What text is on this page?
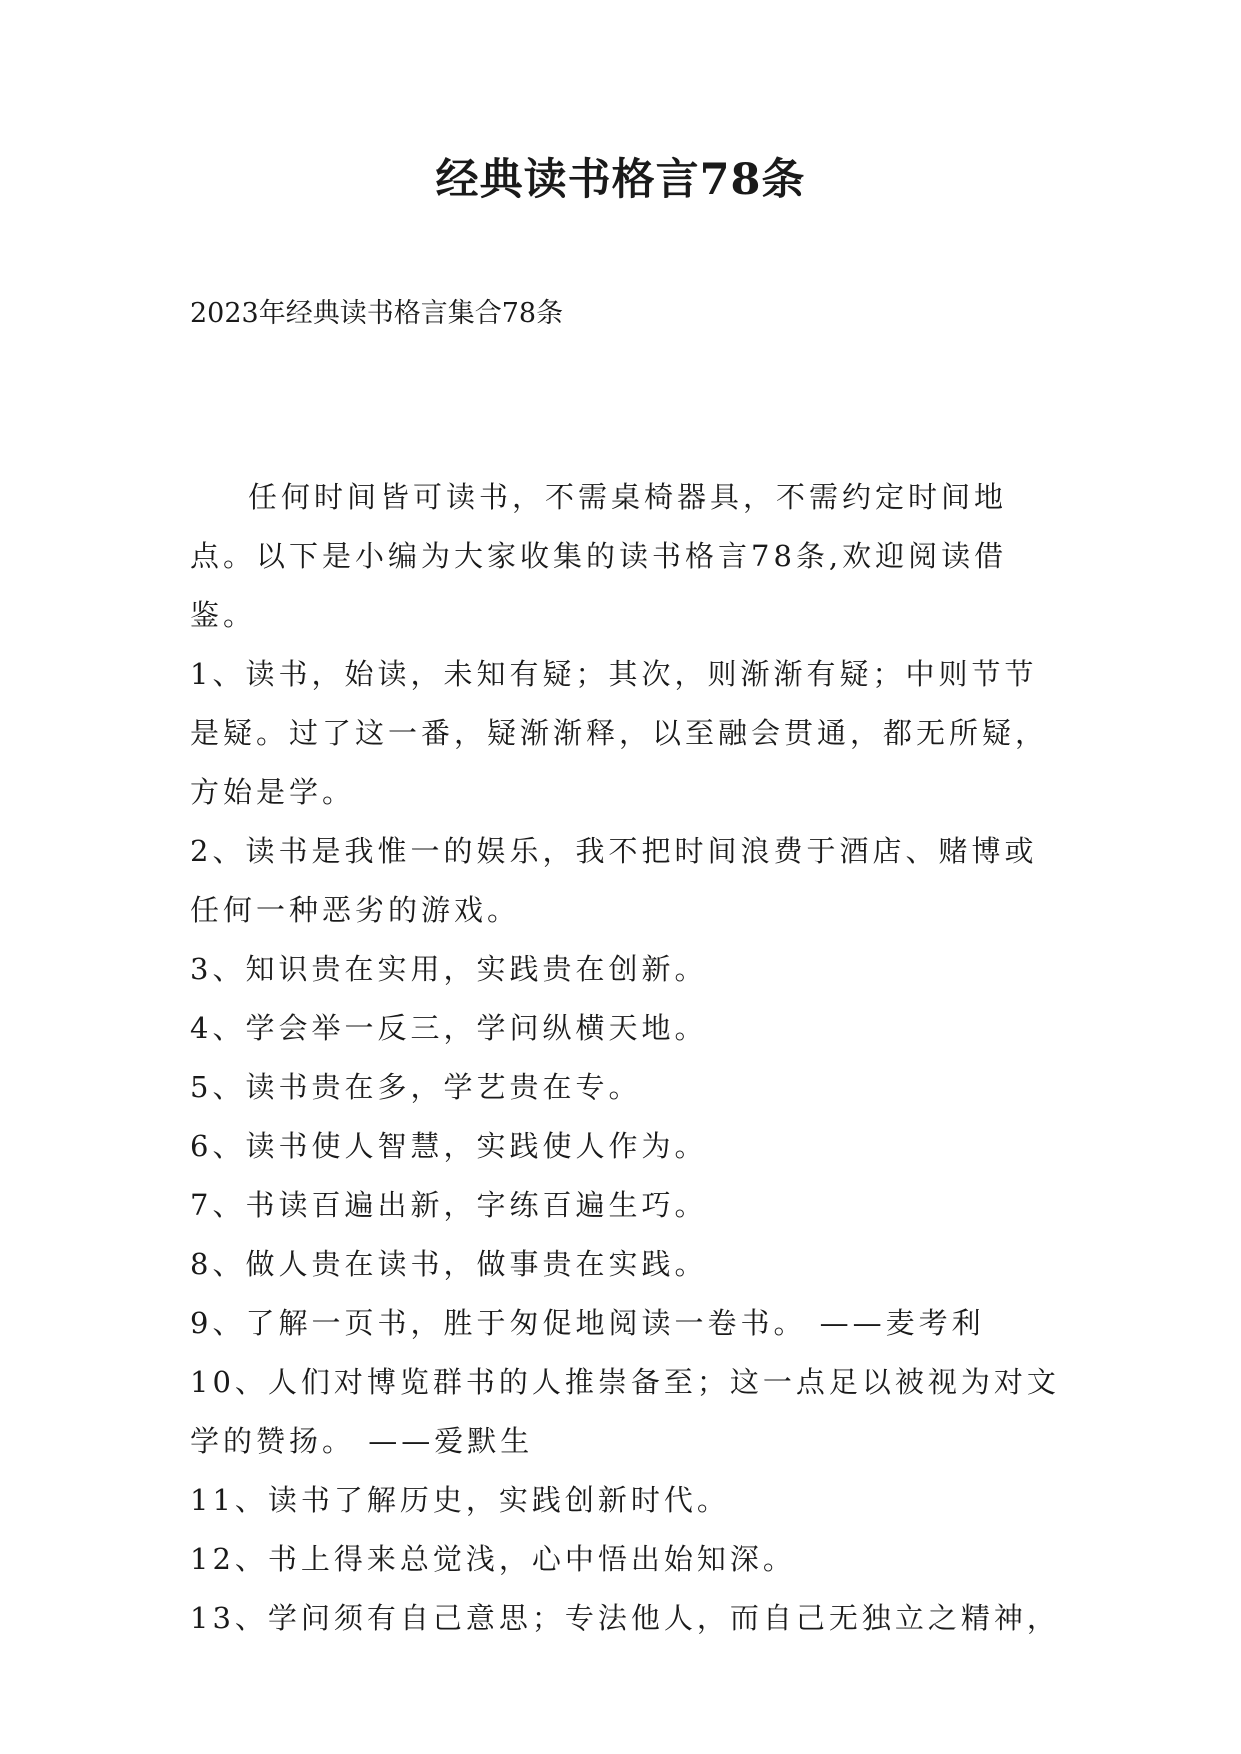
经典读书格言78条

2023年经典读书格言集合78条

任何时间皆可读书，不需桌椅器具，不需约定时间地点。以下是小编为大家收集的读书格言78条,欢迎阅读借鉴。

1、读书，始读，未知有疑；其次，则渐渐有疑；中则节节是疑。过了这一番，疑渐渐释，以至融会贯通，都无所疑，方始是学。

2、读书是我惟一的娱乐，我不把时间浪费于酒店、赌博或任何一种恶劣的游戏。

3、知识贵在实用，实践贵在创新。

4、学会举一反三，学问纵横天地。

5、读书贵在多，学艺贵在专。

6、读书使人智慧，实践使人作为。

7、书读百遍出新，字练百遍生巧。

8、做人贵在读书，做事贵在实践。

9、了解一页书，胜于匆促地阅读一卷书。 ——麦考利

10、人们对博览群书的人推崇备至；这一点足以被视为对文学的赞扬。 ——爱默生

11、读书了解历史，实践创新时代。

12、书上得来总觉浅，心中悟出始知深。

13、学问须有自己意思；专法他人，而自己无独立之精神，
